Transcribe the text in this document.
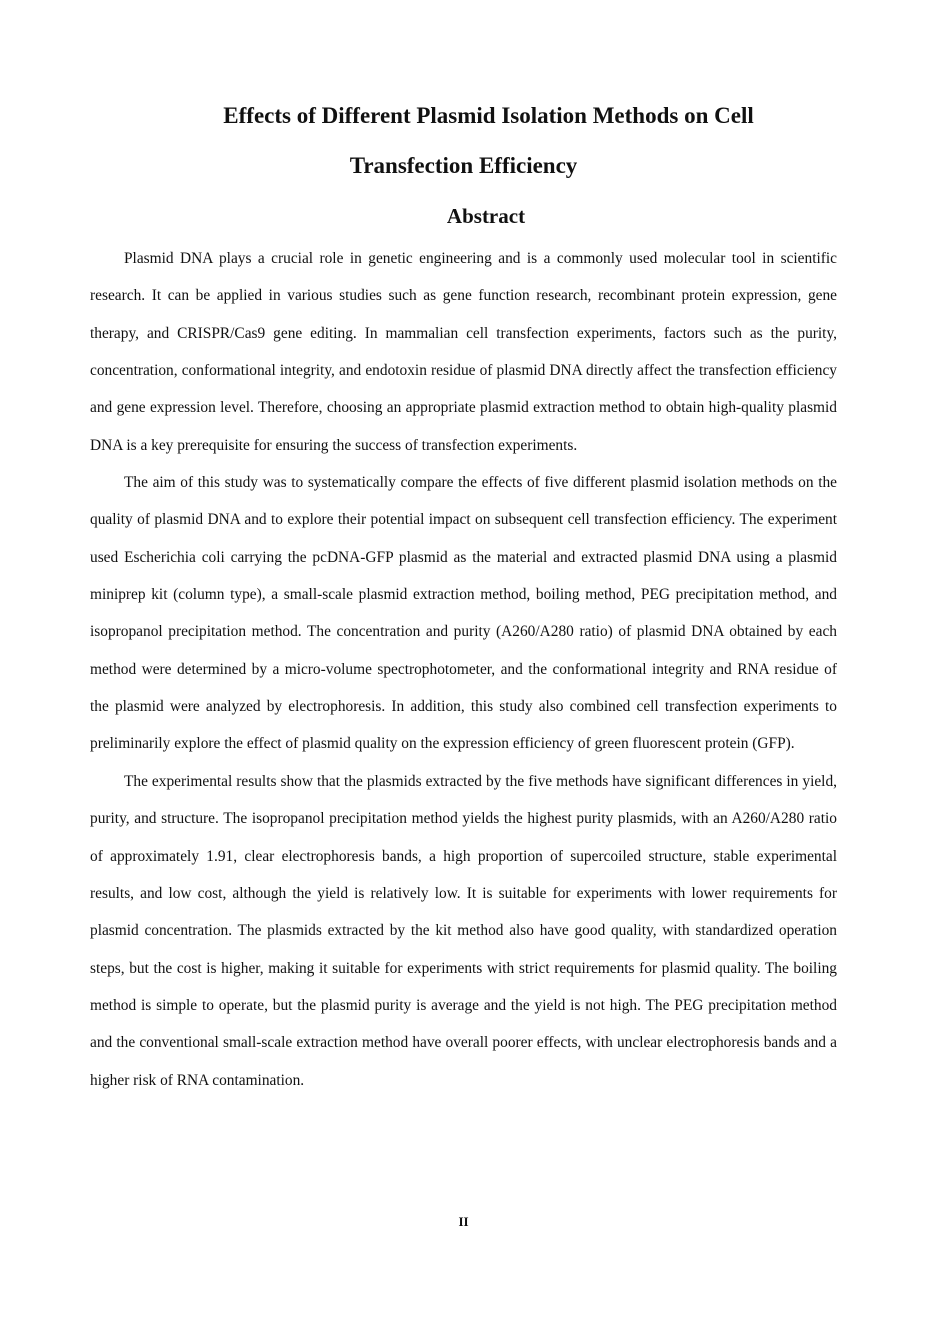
Effects of Different Plasmid Isolation Methods on Cell
Transfection Efficiency
Abstract

Plasmid DNA plays a crucial role in genetic engineering and is a commonly used molecular tool in scientific research. It can be applied in various studies such as gene function research, recombinant protein expression, gene therapy, and CRISPR/Cas9 gene editing. In mammalian cell transfection experiments, factors such as the purity, concentration, conformational integrity, and endotoxin residue of plasmid DNA directly affect the transfection efficiency and gene expression level. Therefore, choosing an appropriate plasmid extraction method to obtain high-quality plasmid DNA is a key prerequisite for ensuring the success of transfection experiments.

The aim of this study was to systematically compare the effects of five different plasmid isolation methods on the quality of plasmid DNA and to explore their potential impact on subsequent cell transfection efficiency. The experiment used Escherichia coli carrying the pcDNA-GFP plasmid as the material and extracted plasmid DNA using a plasmid miniprep kit (column type), a small-scale plasmid extraction method, boiling method, PEG precipitation method, and isopropanol precipitation method. The concentration and purity (A260/A280 ratio) of plasmid DNA obtained by each method were determined by a micro-volume spectrophotometer, and the conformational integrity and RNA residue of the plasmid were analyzed by electrophoresis. In addition, this study also combined cell transfection experiments to preliminarily explore the effect of plasmid quality on the expression efficiency of green fluorescent protein (GFP).

The experimental results show that the plasmids extracted by the five methods have significant differences in yield, purity, and structure. The isopropanol precipitation method yields the highest purity plasmids, with an A260/A280 ratio of approximately 1.91, clear electrophoresis bands, a high proportion of supercoiled structure, stable experimental results, and low cost, although the yield is relatively low. It is suitable for experiments with lower requirements for plasmid concentration. The plasmids extracted by the kit method also have good quality, with standardized operation steps, but the cost is higher, making it suitable for experiments with strict requirements for plasmid quality. The boiling method is simple to operate, but the plasmid purity is average and the yield is not high. The PEG precipitation method and the conventional small-scale extraction method have overall poorer effects, with unclear electrophoresis bands and a higher risk of RNA contamination.

II
